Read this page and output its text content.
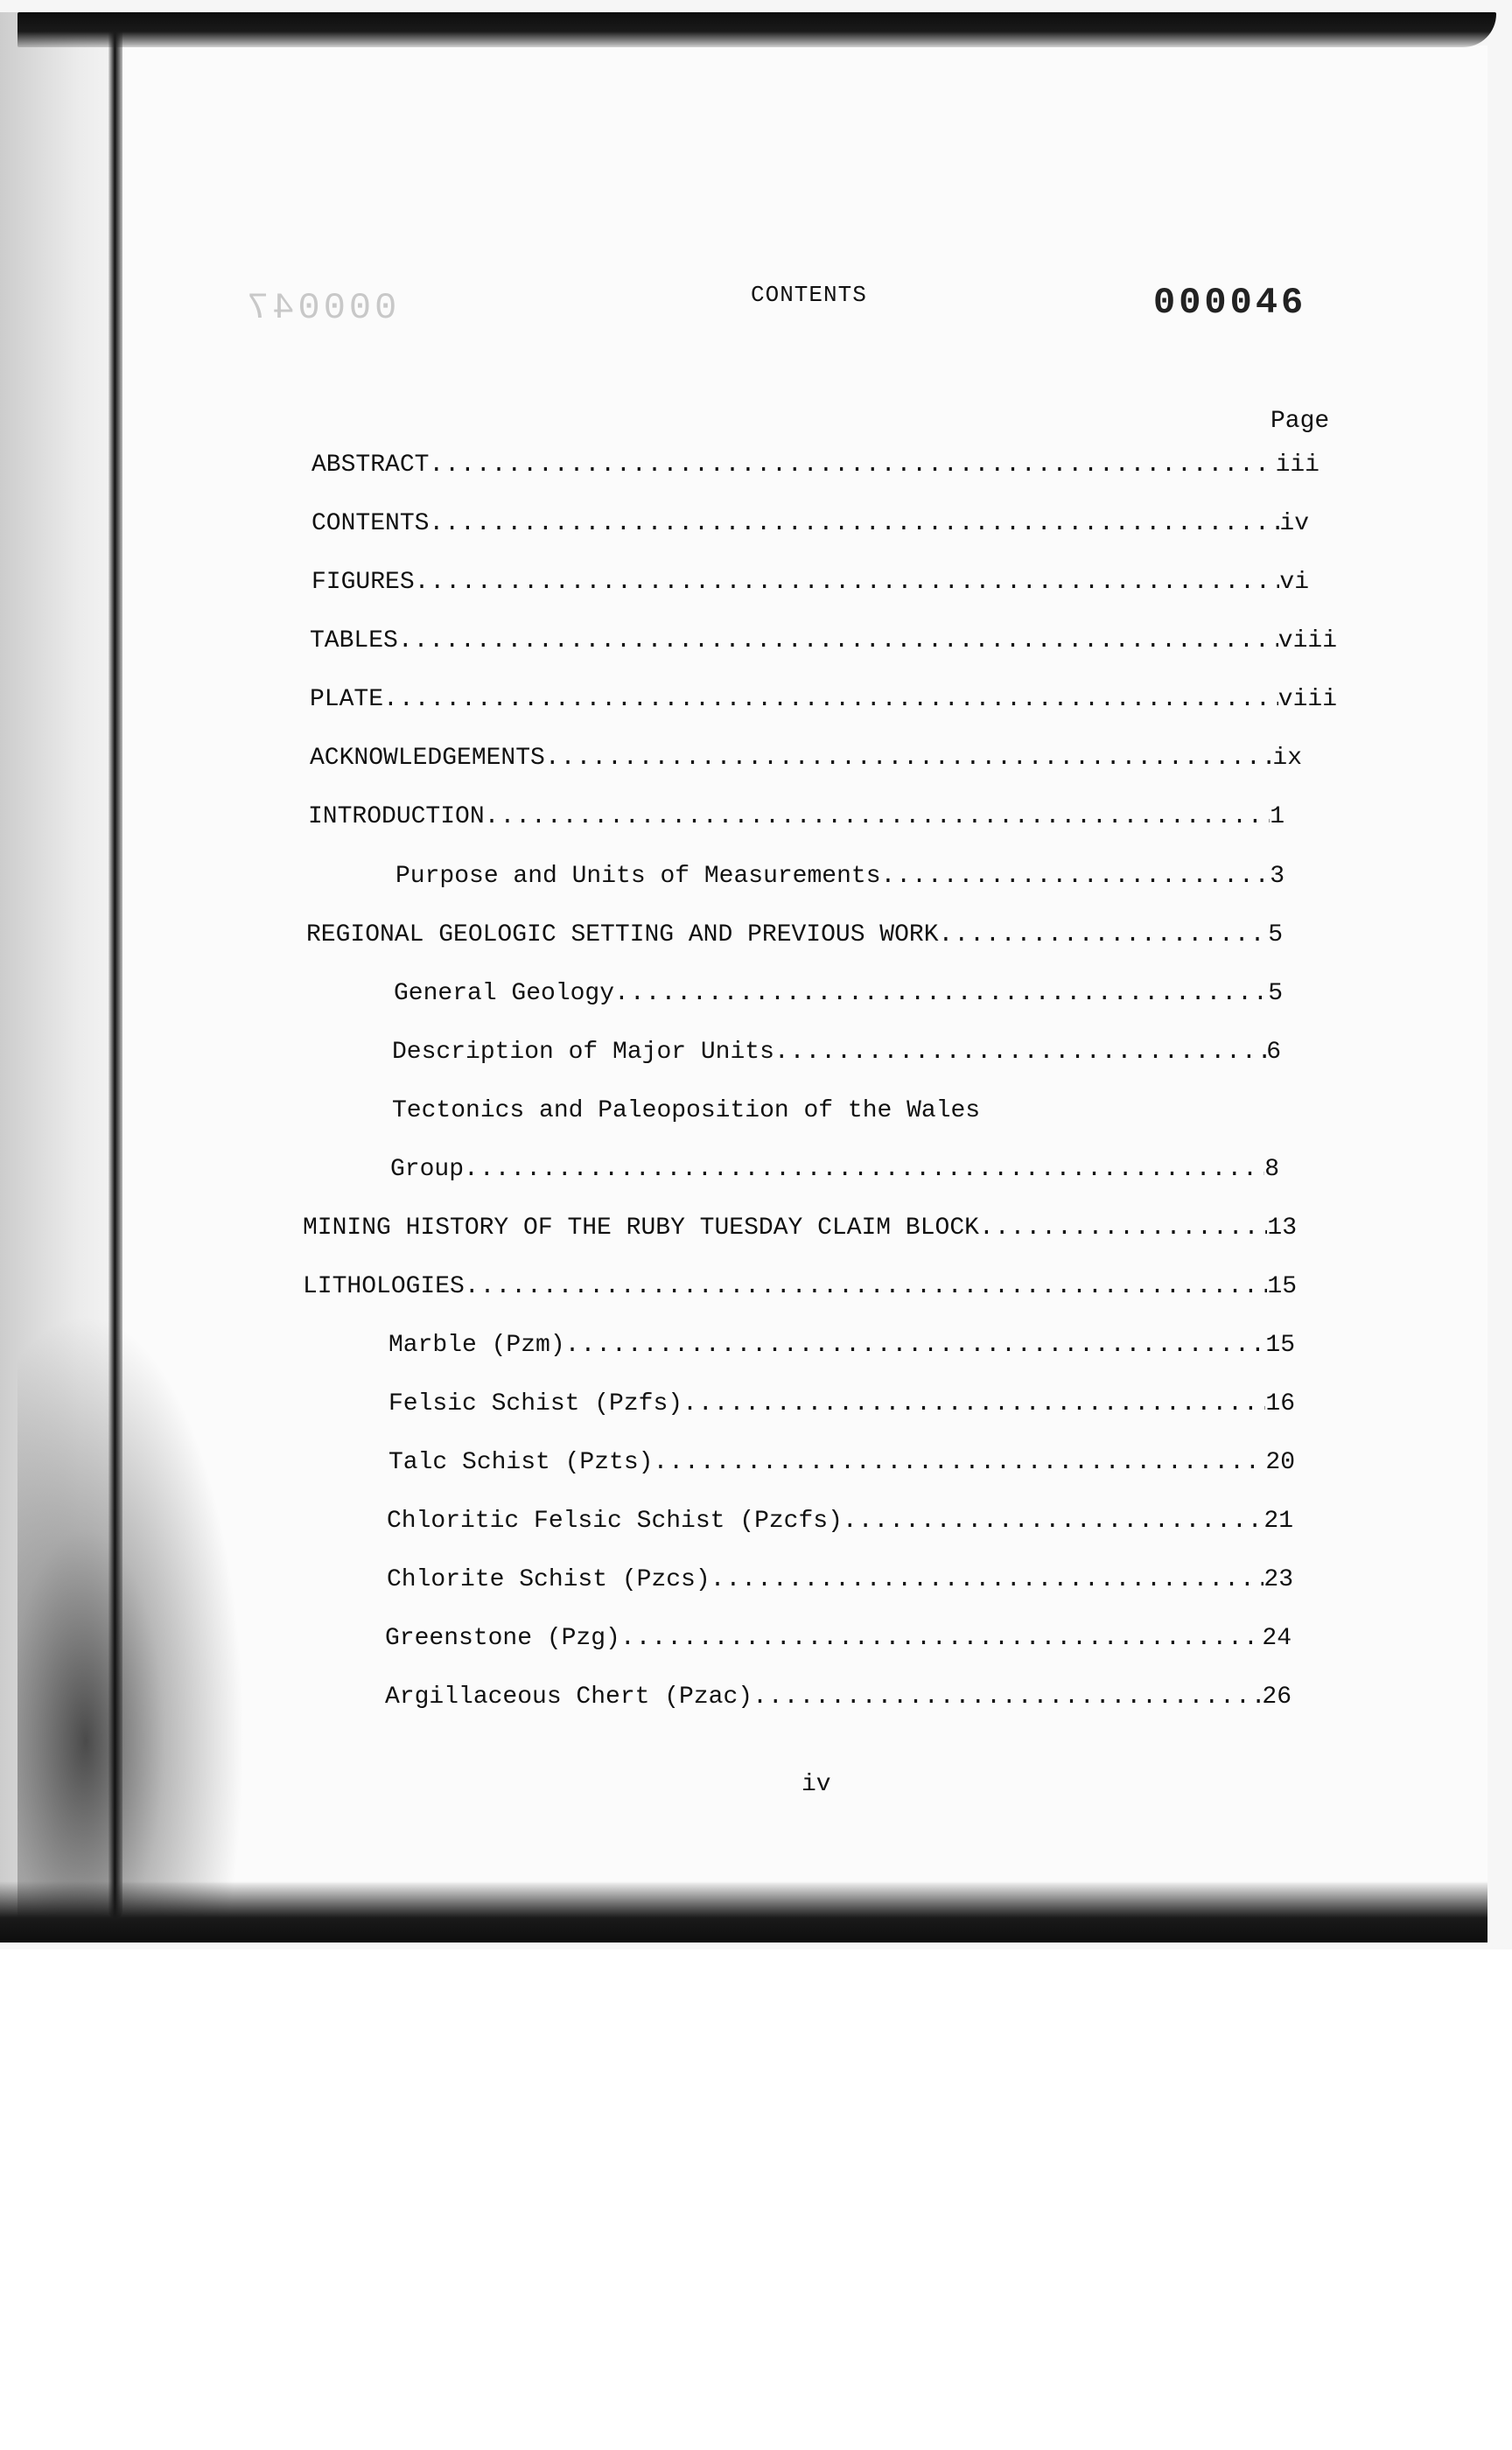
000047	CONTENTS	000046
Page
ABSTRACT .....	iii
CONTENTS .....	iv
FIGURES .....	vi
TABLES .....	viii
PLATE .....	viii
ACKNOWLEDGEMENTS .....	ix
INTRODUCTION .....	1
Purpose and Units of Measurements .....	3
REGIONAL GEOLOGIC SETTING AND PREVIOUS WORK .....	5
General Geology .....	5
Description of Major Units .....	6
Tectonics and Paleoposition of the Wales
Group .....	8
MINING HISTORY OF THE RUBY TUESDAY CLAIM BLOCK .....	13
LITHOLOGIES .....	15
Marble (Pzm) .....	15
Felsic Schist (Pzfs) .....	16
Talc Schist (Pzts) .....	20
Chloritic Felsic Schist (Pzcfs) .....	21
Chlorite Schist (Pzcs) .....	23
Greenstone (Pzg) .....	24
Argillaceous Chert (Pzac) .....	26
iv
